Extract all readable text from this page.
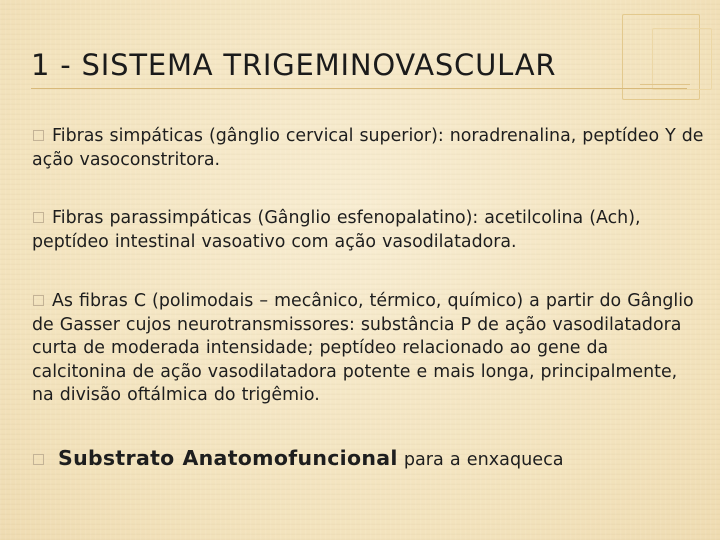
1 - SISTEMA TRIGEMINOVASCULAR
Fibras simpáticas (gânglio cervical superior): noradrenalina, peptídeo Y de ação vasoconstritora.
Fibras parassimpáticas (Gânglio esfenopalatino): acetilcolina (Ach), peptídeo intestinal vasoativo com ação vasodilatadora.
As fibras C (polimodais – mecânico, térmico, químico) a partir do Gânglio de Gasser cujos neurotransmissores: substância P de ação vasodilatadora curta de moderada intensidade; peptídeo relacionado ao gene da calcitonina de ação vasodilatadora potente e mais longa, principalmente, na divisão oftálmica do trigêmio.
Substrato Anatomofuncional para a enxaqueca
